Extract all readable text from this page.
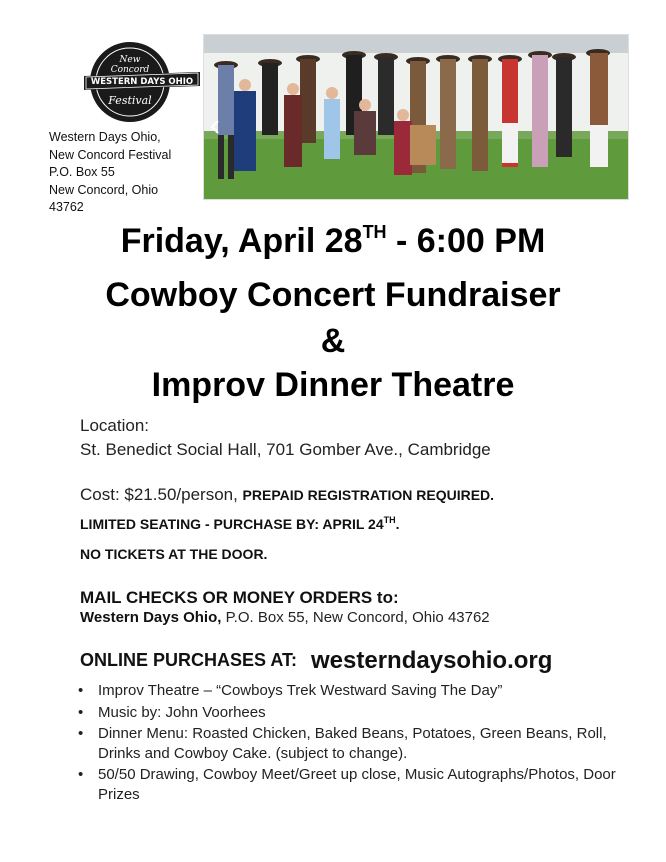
New
Concord
WESTERN DAYS OHIO
Festival
Western Days Ohio,
New Concord Festival
P.O. Box 55
New Concord, Ohio
43762
Friday, April 28TH - 6:00 PM
Cowboy Concert Fundraiser
&
Improv Dinner Theatre
Location:
St. Benedict Social Hall, 701 Gomber Ave., Cambridge
Cost: $21.50/person, PREPAID REGISTRATION REQUIRED.
LIMITED SEATING - PURCHASE BY: APRIL 24TH.
NO TICKETS AT THE DOOR.
MAIL CHECKS OR MONEY ORDERS to:
Western Days Ohio, P.O. Box 55, New Concord, Ohio 43762
ONLINE PURCHASES AT: westerndaysohio.org
• Improv Theatre – “Cowboys Trek Westward Saving The Day”
• Music by: John Voorhees
• Dinner Menu: Roasted Chicken, Baked Beans, Potatoes, Green Beans, Roll, Drinks and Cowboy Cake. (subject to change).
• 50/50 Drawing, Cowboy Meet/Greet up close, Music Autographs/Photos, Door Prizes
